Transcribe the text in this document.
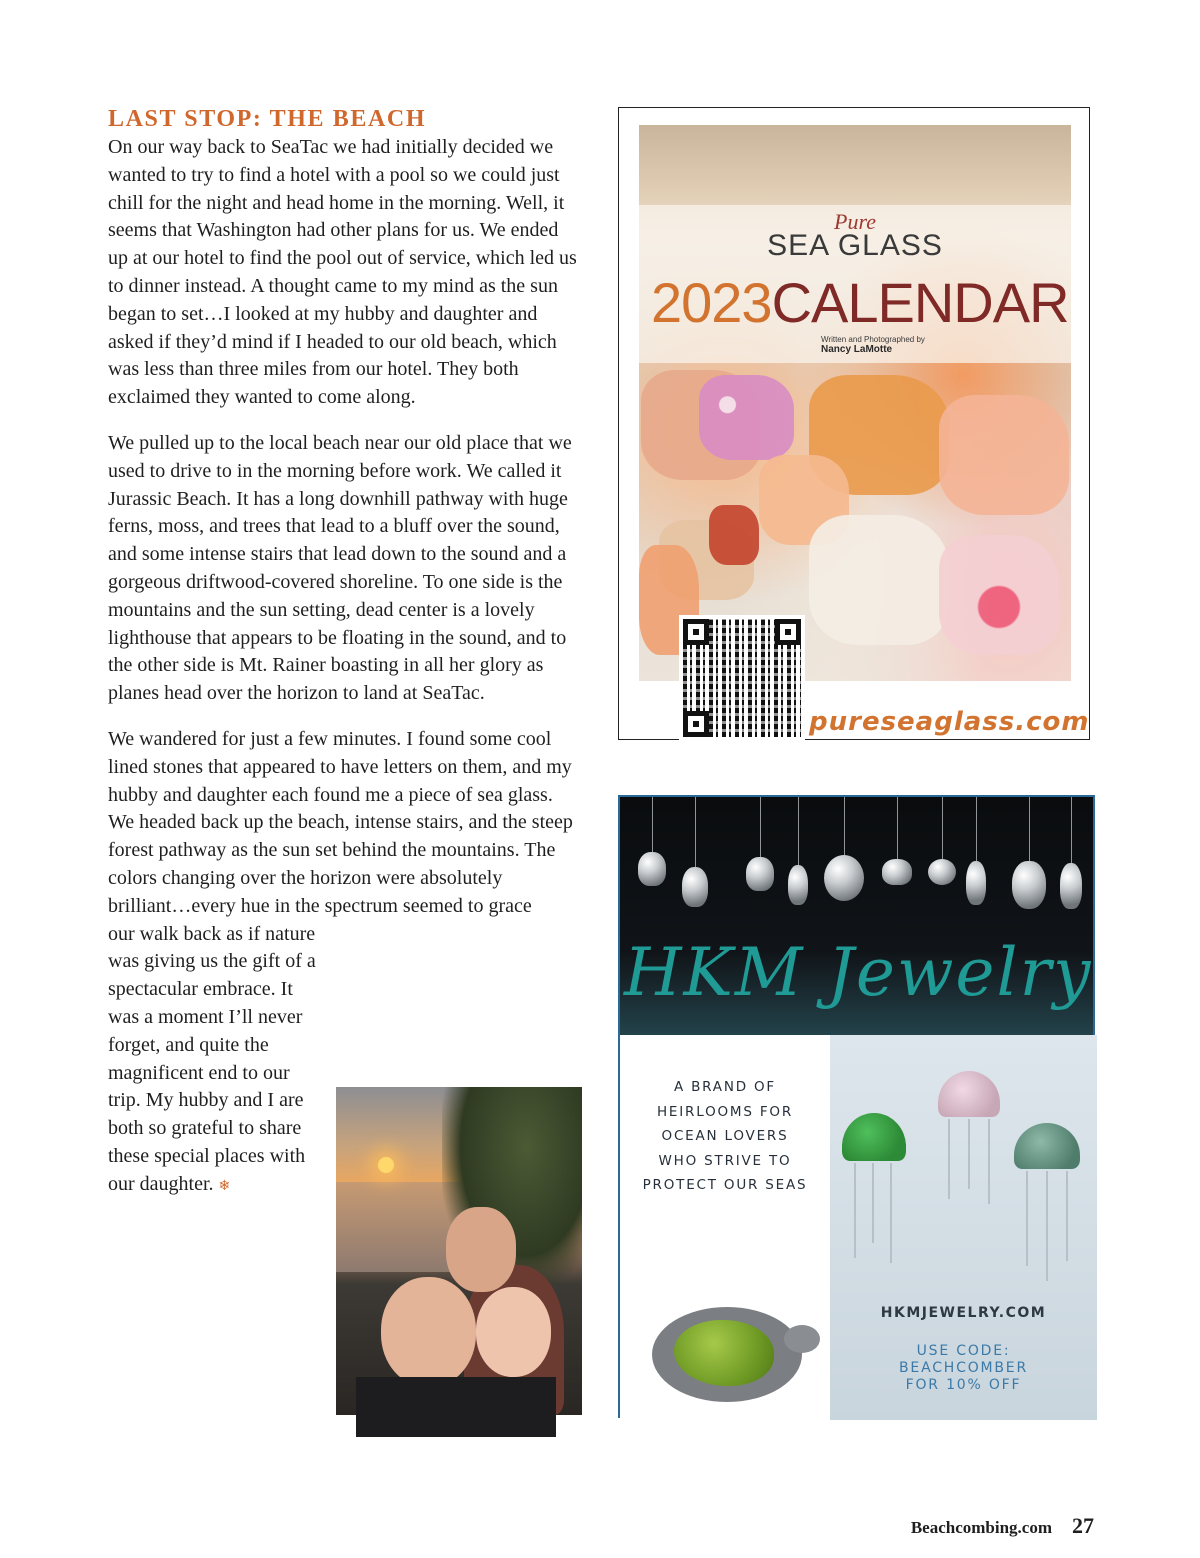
LAST STOP: THE BEACH

On our way back to SeaTac we had initially decided we wanted to try to find a hotel with a pool so we could just chill for the night and head home in the morning. Well, it seems that Washington had other plans for us. We ended up at our hotel to find the pool out of service, which led us to dinner instead. A thought came to my mind as the sun began to set…I looked at my hubby and daughter and asked if they’d mind if I headed to our old beach, which was less than three miles from our hotel. They both exclaimed they wanted to come along.

We pulled up to the local beach near our old place that we used to drive to in the morning before work. We called it Jurassic Beach. It has a long downhill pathway with huge ferns, moss, and trees that lead to a bluff over the sound, and some intense stairs that lead down to the sound and a gorgeous driftwood-covered shoreline. To one side is the mountains and the sun setting, dead center is a lovely lighthouse that appears to be floating in the sound, and to the other side is Mt. Rainer boasting in all her glory as planes head over the horizon to land at SeaTac.

We wandered for just a few minutes. I found some cool lined stones that appeared to have letters on them, and my hubby and daughter each found me a piece of sea glass. We headed back up the beach, intense stairs, and the steep forest pathway as the sun set behind the mountains. The colors changing over the horizon were absolutely brilliant…every hue in the spectrum seemed to grace

our walk back as if nature was giving us the gift of a spectacular embrace. It was a moment I’ll never forget, and quite the magnificent end to our trip. My hubby and I are both so grateful to share these special places with our daughter. ❄

Pure
SEA GLASS
2023CALENDAR
Written and Photographed by
Nancy LaMotte
pureseaglass.com
HKM Jewelry
A BRAND OF
HEIRLOOMS FOR
OCEAN LOVERS
WHO STRIVE TO
PROTECT OUR SEAS
HKMJEWELRY.COM
USE CODE:
BEACHCOMBER
FOR 10% OFF
Beachcombing.com 27
